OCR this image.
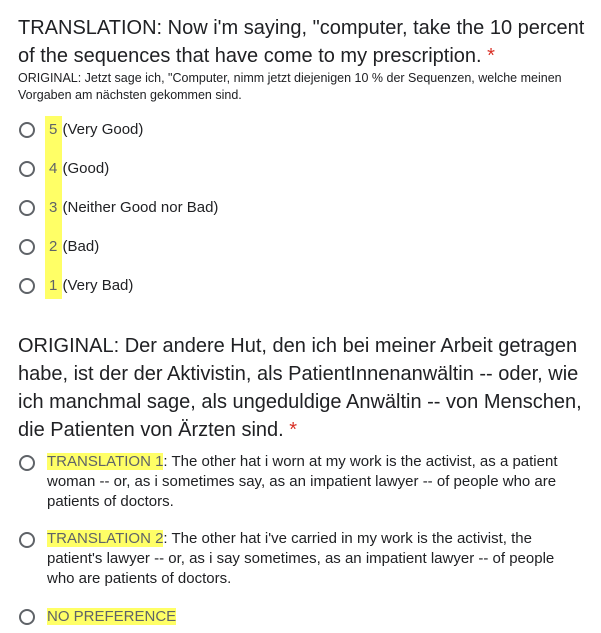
TRANSLATION: Now i'm saying, "computer, take the 10 percent of the sequences that have come to my prescription. *
ORIGINAL: Jetzt sage ich, "Computer, nimm jetzt diejenigen 10 % der Sequenzen, welche meinen Vorgaben am nächsten gekommen sind.
5 (Very Good)
4 (Good)
3 (Neither Good nor Bad)
2 (Bad)
1 (Very Bad)
ORIGINAL: Der andere Hut, den ich bei meiner Arbeit getragen habe, ist der der Aktivistin, als PatientInnenanwältin -- oder, wie ich manchmal sage, als ungeduldige Anwältin -- von Menschen, die Patienten von Ärzten sind. *
TRANSLATION 1: The other hat i worn at my work is the activist, as a patient woman -- or, as i sometimes say, as an impatient lawyer -- of people who are patients of doctors.
TRANSLATION 2: The other hat i've carried in my work is the activist, the patient's lawyer -- or, as i say sometimes, as an impatient lawyer -- of people who are patients of doctors.
NO PREFERENCE
